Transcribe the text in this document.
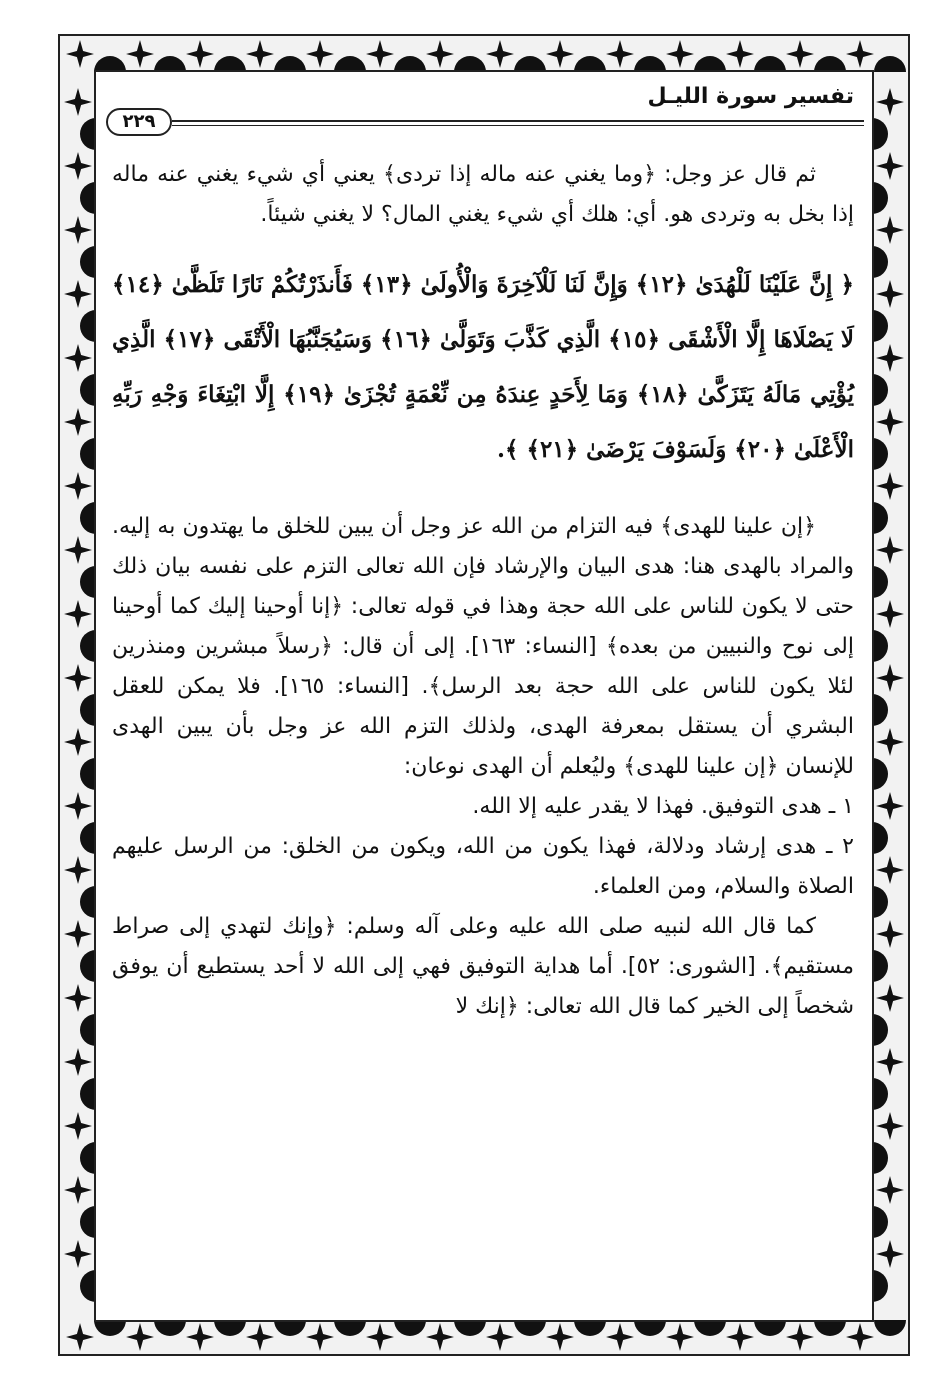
تفسير سورة الليـل
٢٢٩

ثم قال عز وجل: ﴿وما يغني عنه ماله إذا تردى﴾ يعني أي شيء يغني عنه ماله إذا بخل به وتردى هو. أي: هلك أي شيء يغني المال؟ لا يغني شيئاً.

﴿ إِنَّ عَلَيْنَا لَلْهُدَىٰ ﴿١٢﴾ وَإِنَّ لَنَا لَلْآخِرَةَ وَالْأُولَىٰ ﴿١٣﴾ فَأَنذَرْتُكُمْ نَارًا تَلَظَّىٰ ﴿١٤﴾ لَا يَصْلَاهَا إِلَّا الْأَشْقَى ﴿١٥﴾ الَّذِي كَذَّبَ وَتَوَلَّىٰ ﴿١٦﴾ وَسَيُجَنَّبُهَا الْأَتْقَى ﴿١٧﴾ الَّذِي يُؤْتِي مَالَهُ يَتَزَكَّىٰ ﴿١٨﴾ وَمَا لِأَحَدٍ عِندَهُ مِن نِّعْمَةٍ تُجْزَىٰ ﴿١٩﴾ إِلَّا ابْتِغَاءَ وَجْهِ رَبِّهِ الْأَعْلَىٰ ﴿٢٠﴾ وَلَسَوْفَ يَرْضَىٰ ﴿٢١﴾ ﴾.

﴿إن علينا للهدى﴾ فيه التزام من الله عز وجل أن يبين للخلق ما يهتدون به إليه. والمراد بالهدى هنا: هدى البيان والإرشاد فإن الله تعالى التزم على نفسه بيان ذلك حتى لا يكون للناس على الله حجة وهذا في قوله تعالى: ﴿إنا أوحينا إليك كما أوحينا إلى نوح والنبيين من بعده﴾ [النساء: ١٦٣]. إلى أن قال: ﴿رسلاً مبشرين ومنذرين لئلا يكون للناس على الله حجة بعد الرسل﴾. [النساء: ١٦٥]. فلا يمكن للعقل البشري أن يستقل بمعرفة الهدى، ولذلك التزم الله عز وجل بأن يبين الهدى للإنسان ﴿إن علينا للهدى﴾ وليُعلم أن الهدى نوعان:

١ ـ هدى التوفيق. فهذا لا يقدر عليه إلا الله.

٢ ـ هدى إرشاد ودلالة، فهذا يكون من الله، ويكون من الخلق: من الرسل عليهم الصلاة والسلام، ومن العلماء.

كما قال الله لنبيه صلى الله عليه وعلى آله وسلم: ﴿وإنك لتهدي إلى صراط مستقيم﴾. [الشورى: ٥٢]. أما هداية التوفيق فهي إلى الله لا أحد يستطيع أن يوفق شخصاً إلى الخير كما قال الله تعالى: ﴿إنك لا
